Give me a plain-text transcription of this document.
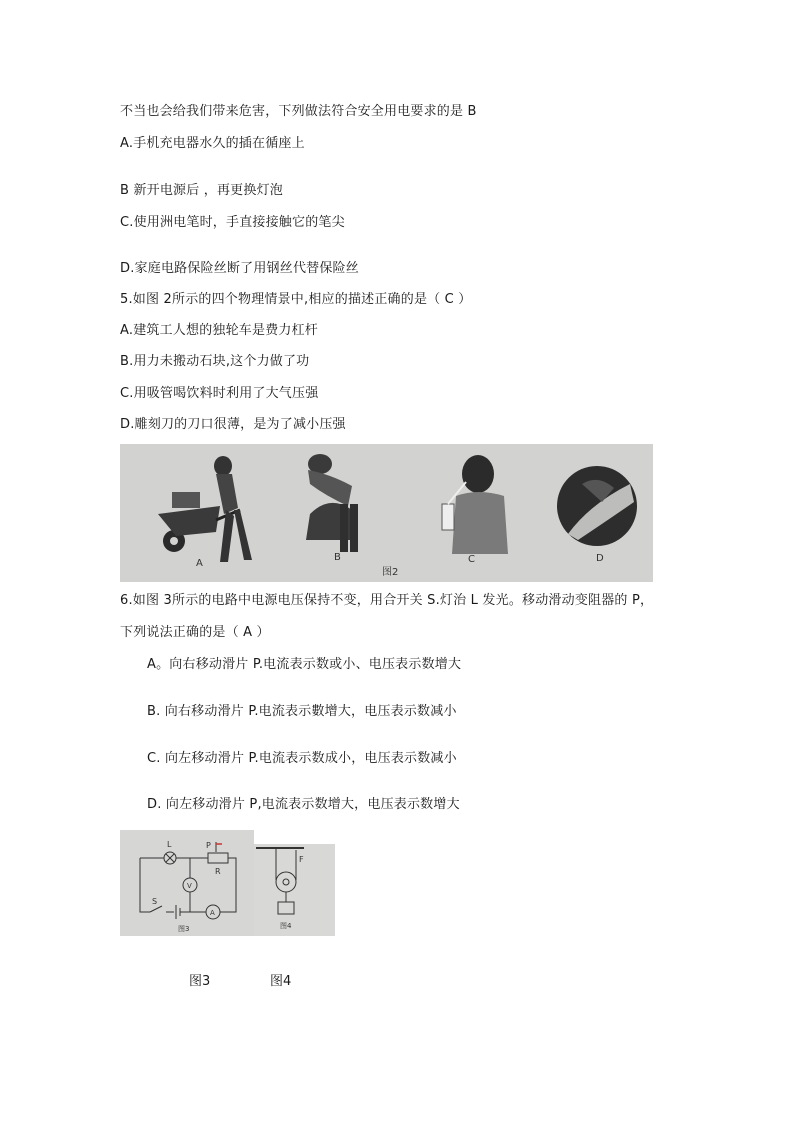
不当也会给我们带来危害，下列做法符合安全用电要求的是 B
A.手机充电器水久的插在循座上
B 新开电源后 ，再更换灯泡
C.使用洲电笔时，手直接接触它的笔尖
D.家庭电路保险丝断了用钢丝代替保险丝
5.如图 2所示的四个物理情景中,相应的描述正确的是（ C ）
A.建筑工人想的独轮车是费力杠杆
B.用力未搬动石块,这个力做了功
C.用吸管喝饮料时利用了大气压强
D.雕刻刀的刀口很薄，是为了减小压强
A
B	C	D
图2
6.如图 3所示的电路中电源电压保持不变，用合开关 S.灯治 L 发光。移动滑动变阻器的 P，
下列说法正确的是（ A ）
A。向右移动滑片 P.电流表示数或小、电压表示数增大
B. 向右移动滑片 P.电流表示數增大，电压表示数减小
C. 向左移动滑片 P.电流表示数成小，电压表示数减小
D. 向左移动滑片 P,电流表示数增大，电压表示数增大
L	P
R
V
A
S
图3
F
图4
图3	图4
